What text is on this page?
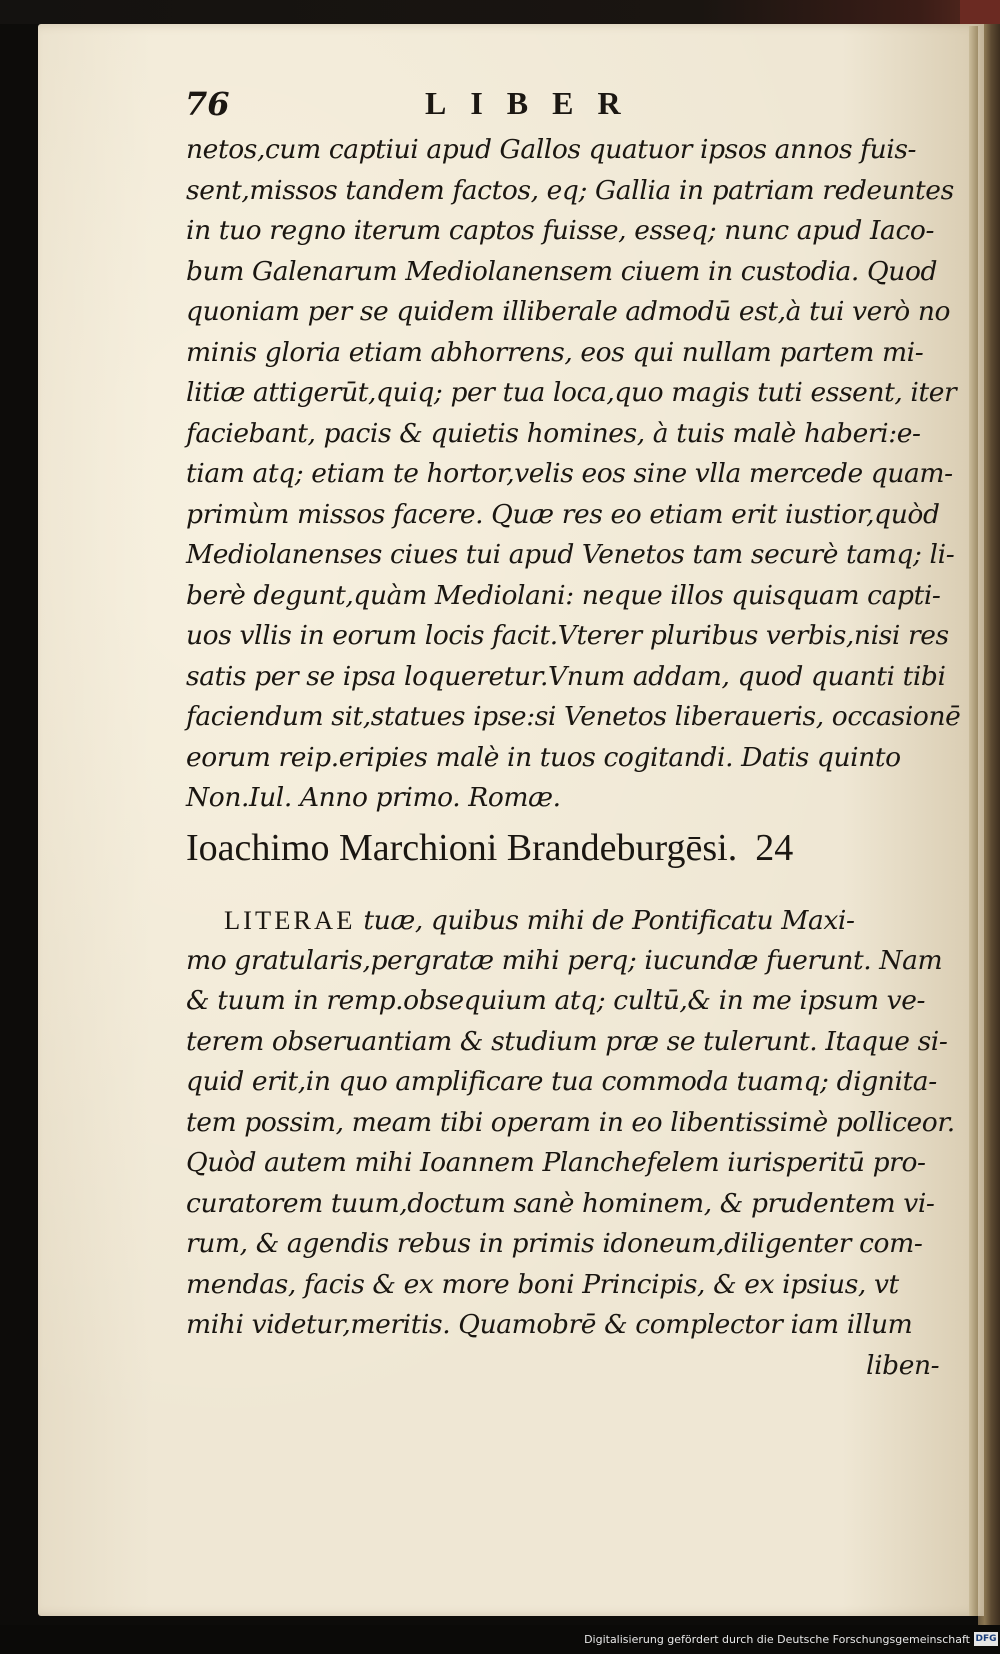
76	LIBER
netos,cum captiui apud Gallos quatuor ipsos annos fuis-
sent,missos tandem factos, eq; Gallia in patriam redeuntes
in tuo regno iterum captos fuisse, esseq; nunc apud Iaco-
bum Galenarum Mediolanensem ciuem in custodia. Quod
quoniam per se quidem illiberale admodū est,à tui verò no
minis gloria etiam abhorrens, eos qui nullam partem mi-
litiæ attigerūt,quiq; per tua loca,quo magis tuti essent, iter
faciebant, pacis & quietis homines, à tuis malè haberi:e-
tiam atq; etiam te hortor,velis eos sine vlla mercede quam-
primùm missos facere. Quæ res eo etiam erit iustior,quòd
Mediolanenses ciues tui apud Venetos tam securè tamq; li-
berè degunt,quàm Mediolani: neque illos quisquam capti-
uos vllis in eorum locis facit.Vterer pluribus verbis,nisi res
satis per se ipsa loqueretur.Vnum addam, quod quanti tibi
faciendum sit,statues ipse:si Venetos liberaueris, occasionē
eorum reip.eripies malè in tuos cogitandi. Datis quinto
Non.Iul. Anno primo. Romæ.
Ioachimo Marchioni Brandeburgēsi. 24
LITERAE tuæ, quibus mihi de Pontificatu Maxi-
mo gratularis,pergratæ mihi perq; iucundæ fuerunt. Nam
& tuum in remp.obsequium atq; cultū,& in me ipsum ve-
terem obseruantiam & studium præ se tulerunt. Itaque si-
quid erit,in quo amplificare tua commoda tuamq; dignita-
tem possim, meam tibi operam in eo libentissimè polliceor.
Quòd autem mihi Ioannem Planchefelem iurisperitū pro-
curatorem tuum,doctum sanè hominem, & prudentem vi-
rum, & agendis rebus in primis idoneum,diligenter com-
mendas, facis & ex more boni Principis, & ex ipsius, vt
mihi videtur,meritis. Quamobrē & complector iam illum
liben-
Digitalisierung gefördert durch die Deutsche Forschungsgemeinschaft DFG
